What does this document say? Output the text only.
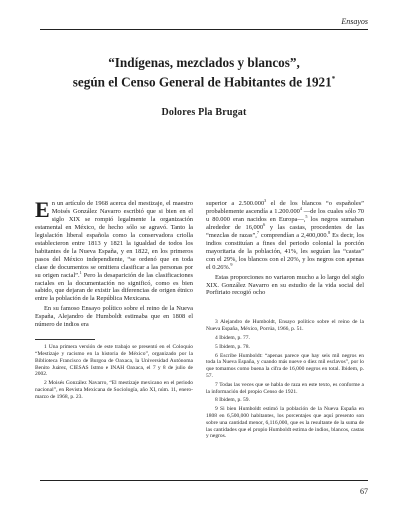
Ensayos
“Indígenas, mezclados y blancos”,
según el Censo General de Habitantes de 1921*
Dolores Pla Brugat

En un artículo de 1968 acerca del mestizaje, el maestro Moisés González Navarro escribió que si bien en el siglo XIX se rompió legalmente la organización estamental en México, de hecho sólo se agravó. Tanto la legislación liberal española como la conservadora criolla establecieron entre 1813 y 1821 la igualdad de todos los habitantes de la Nueva España, y en 1822, en los primeros pasos del México independiente, “se ordenó que en toda clase de documentos se omitiera clasificar a las personas por su origen racial”.$^1$ Pero la desaparición de las clasificaciones raciales en la documentación no significó, como es bien sabido, que dejaran de existir las diferencias de origen étnico entre la población de la República Mexicana.

En su famoso Ensayo político sobre el reino de la Nueva España, Alejandro de Humboldt estimaba que en 1808 el número de indios era

1 Una primera versión de este trabajo se presentó en el Coloquio “Mestizaje y racismo en la historia de México”, organizado por la Biblioteca Francisco de Burgoa de Oaxaca, la Universidad Autónoma Benito Juárez, CIESAS Istmo e INAH Oaxaca, el 7 y 8 de julio de 2002.

2 Moisés González Navarro, “El mestizaje mexicano en el periodo nacional”, en Revista Mexicana de Sociología, año XI, núm. 11, enero-marzo de 1968, p. 23.

superior a 2.500.000$^3$ el de los blancos “o españoles” probablemente ascendía a 1.200.000$^4$ —de los cuales sólo 70 u 80.000 eran nacidos en Europa—,$^5$ los negros sumaban alrededor de 16,000$^6$ y las castas, procedentes de las “mezclas de razas”,$^7$ comprendían a 2,400,000.$^8$ Es decir, los indios constituían a fines del periodo colonial la porción mayoritaria de la población, 41%, les seguían las “castas” con el 29%, los blancos con el 20%, y los negros con apenas el 0.26%.$^9$

Estas proporciones no variaron mucho a lo largo del siglo XIX. González Navarro en su estudio de la vida social del Porfiriato recogió ocho

3 Alejandro de Humboldt, Ensayo político sobre el reino de la Nueva España, México, Porrúa, 1966, p. 51.

4 Ibidem, p. 77.

5 Ibidem, p. 78.

6 Escribe Humboldt: “apenas parece que hay seis mil negros en toda la Nueva España, y cuando más nueve o diez mil esclavos”, por lo que tomamos como buena la cifra de 16,000 negros en total. Ibidem, p. 57.

7 Todas las veces que se habla de raza en este texto, es conforme a la información del propio Censo de 1921.

8 Ibidem, p. 59.

9 Si bien Humboldt estimó la población de la Nueva España en 1808 en 6,500,000 habitantes, los porcentajes que aquí presento son sobre una cantidad menor, 6,116,000, que es la resultante de la suma de las cantidades que el propio Humboldt estima de indios, blancos, castas y negros.

67
